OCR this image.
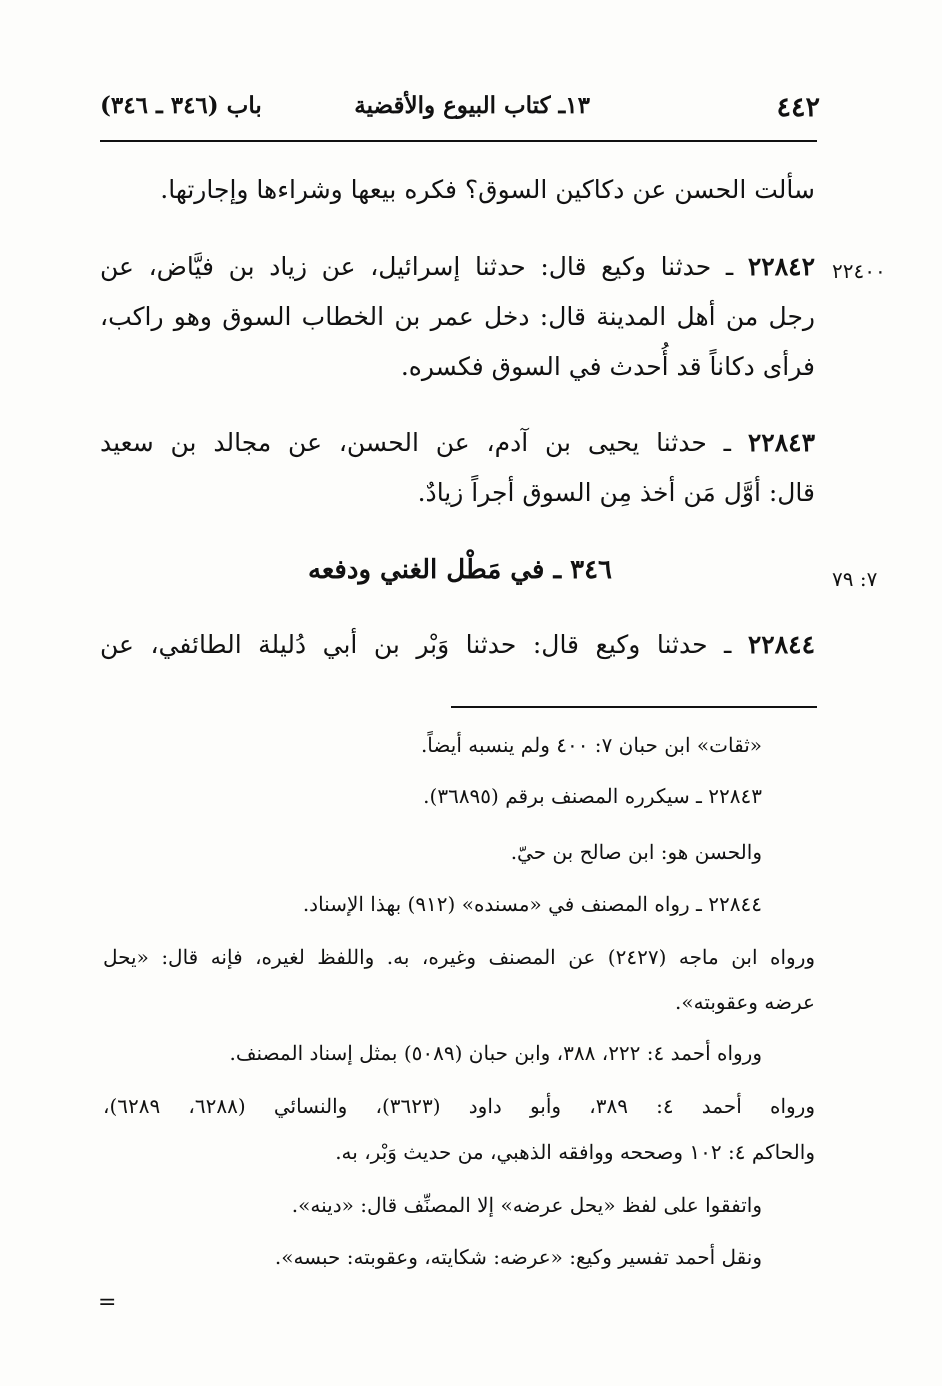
٤٤٢
١٣ـ كتاب البيوع والأقضية
باب (٣٤٦ ـ ٣٤٦)
سألت الحسن عن دكاكين السوق؟ فكره بيعها وشراءها وإجارتها.
٢٢٤٠٠
٢٢٨٤٢ ـ حدثنا وكيع قال: حدثنا إسرائيل، عن زياد بن فيَّاض، عن
رجل من أهل المدينة قال: دخل عمر بن الخطاب السوق وهو راكب،
فرأى دكاناً قد أُحدث في السوق فكسره.
٢٢٨٤٣ ـ حدثنا يحيى بن آدم، عن الحسن، عن مجالد بن سعيد
قال: أوَّل مَن أخذ مِن السوق أجراً زيادٌ.
٧: ٧٩
٣٤٦ ـ في مَطْل الغني ودفعه
٢٢٨٤٤ ـ حدثنا وكيع قال: حدثنا وَبْر بن أبي دُليلة الطائفي، عن
«ثقات» ابن حبان ٧: ٤٠٠ ولم ينسبه أيضاً.
٢٢٨٤٣ ـ سيكرره المصنف برقم (٣٦٨٩٥).
والحسن هو: ابن صالح بن حيّ.
٢٢٨٤٤ ـ رواه المصنف في «مسنده» (٩١٢) بهذا الإسناد.
ورواه ابن ماجه (٢٤٢٧) عن المصنف وغيره، به. واللفظ لغيره، فإنه قال: «يحل
عرضه وعقوبته».
ورواه أحمد ٤: ٢٢٢، ٣٨٨، وابن حبان (٥٠٨٩) بمثل إسناد المصنف.
ورواه أحمد ٤: ٣٨٩، وأبو داود (٣٦٢٣)، والنسائي (٦٢٨٨، ٦٢٨٩)،
والحاكم ٤: ١٠٢ وصححه ووافقه الذهبي، من حديث وَبْر، به.
واتفقوا على لفظ «يحل عرضه» إلا المصنِّف قال: «دينه».
ونقل أحمد تفسير وكيع: «عرضه: شكايته، وعقوبته: حبسه».
=
